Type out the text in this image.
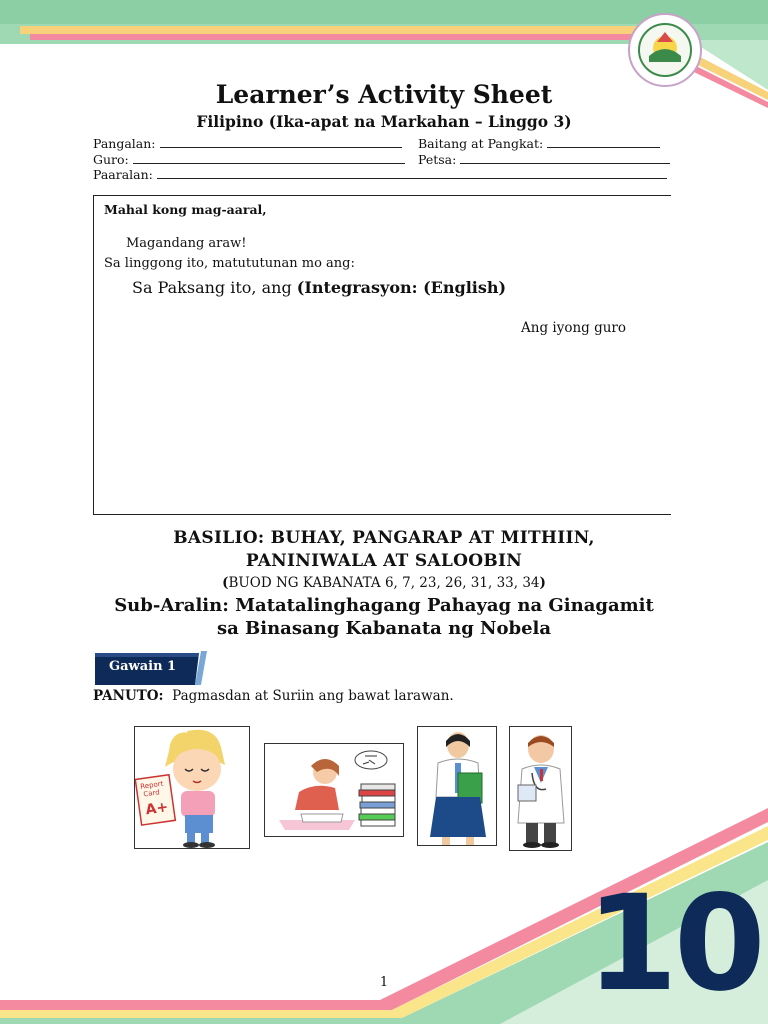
Learner’s Activity Sheet
Filipino (Ika-apat na Markahan – Linggo 3)
Pangalan:	Baitang at Pangkat:
Guro:	Petsa:
Paaralan:
Mahal kong mag-aaral,
Magandang araw!
Sa linggong ito, matututunan mo ang:
Sa Paksang ito, ang (Integrasyon: (English)
Ang iyong guro
BASILIO: BUHAY, PANGARAP AT MITHIIN,
PANINIWALA AT SALOOBIN
(BUOD NG KABANATA 6, 7, 23, 26, 31, 33, 34)
Sub-Aralin: Matatalinghagang Pahayag na Ginagamit
sa Binasang Kabanata ng Nobela
Gawain 1
PANUTO: Pagmasdan at Suriin ang bawat larawan.
Report
Card
A+
1	10
